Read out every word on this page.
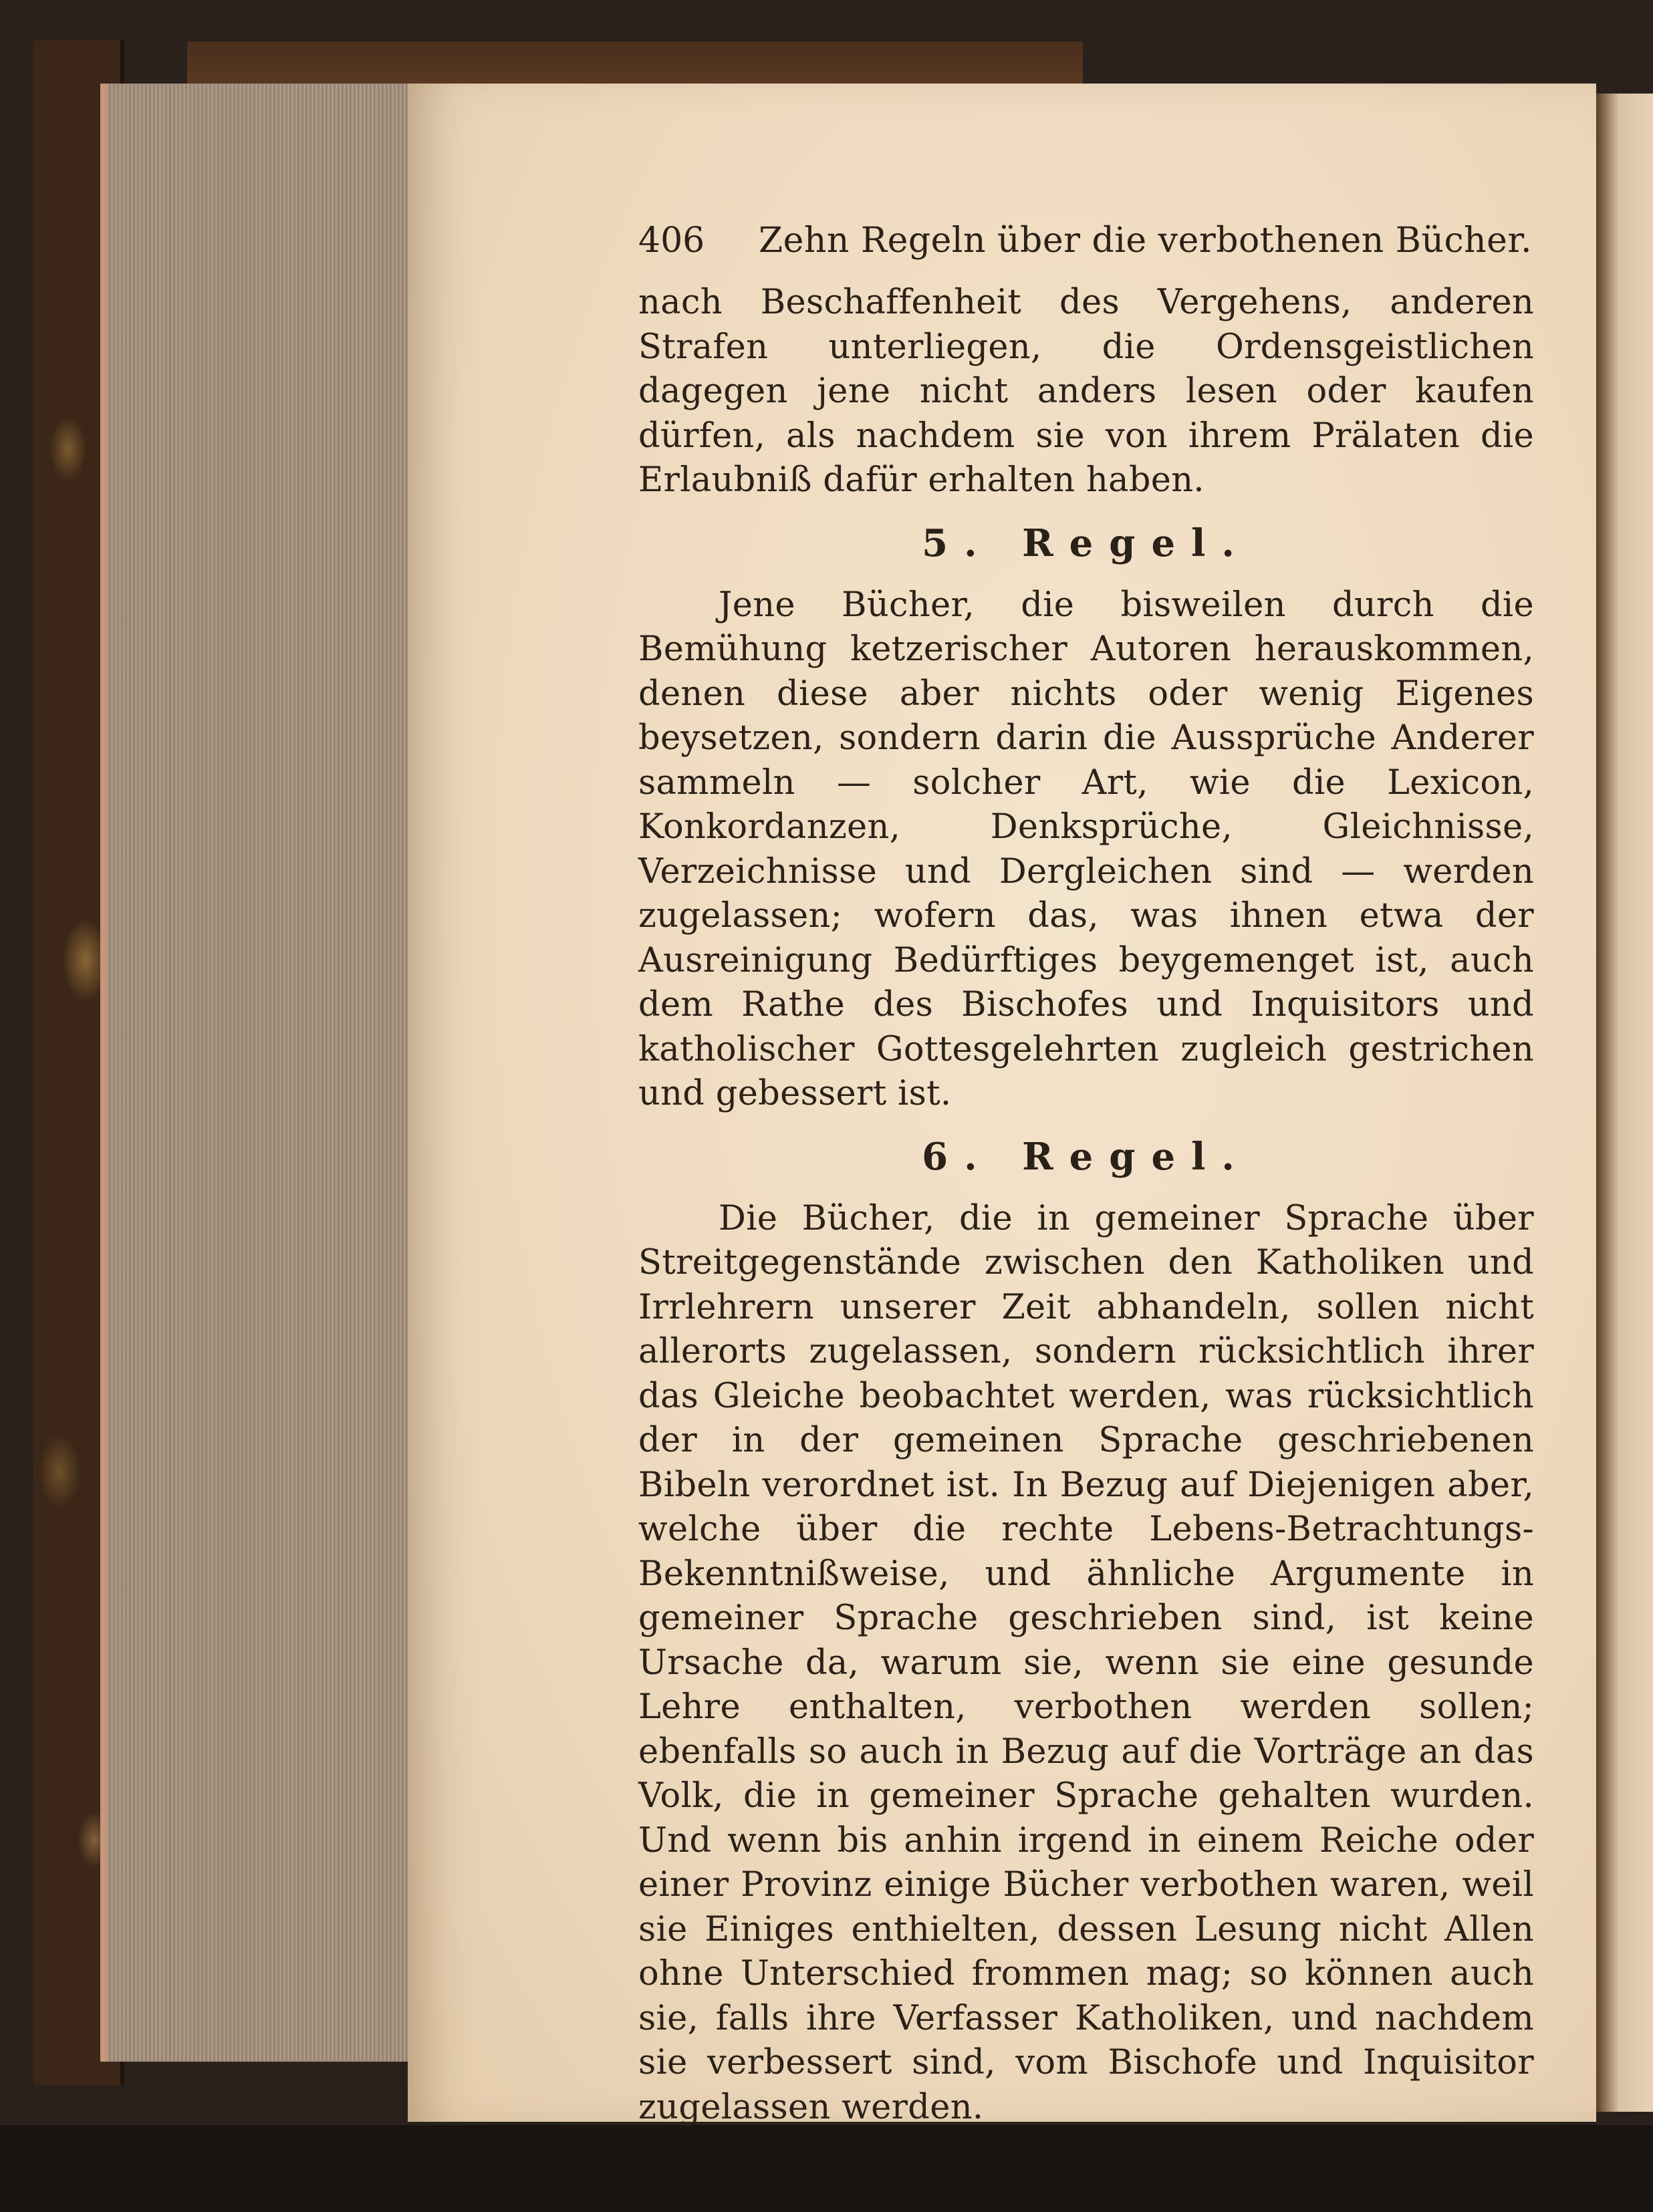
406 Zehn Regeln über die verbothenen Bücher.

nach Beschaffenheit des Vergehens, anderen Strafen unterliegen, die Ordensgeistlichen dagegen jene nicht anders lesen oder kaufen dürfen, als nachdem sie von ihrem Prälaten die Erlaubniß dafür erhalten haben.

5. Regel.

Jene Bücher, die bisweilen durch die Bemühung ketzerischer Autoren herauskommen, denen diese aber nichts oder wenig Eigenes beysetzen, sondern darin die Aussprüche Anderer sammeln — solcher Art, wie die Lexicon, Konkordanzen, Denksprüche, Gleichnisse, Verzeichnisse und Dergleichen sind — werden zugelassen; wofern das, was ihnen etwa der Ausreinigung Bedürftiges beygemenget ist, auch dem Rathe des Bischofes und Inquisitors und katholischer Gottesgelehrten zugleich gestrichen und gebessert ist.

6. Regel.

Die Bücher, die in gemeiner Sprache über Streitgegenstände zwischen den Katholiken und Irrlehrern unserer Zeit abhandeln, sollen nicht allerorts zugelassen, sondern rücksichtlich ihrer das Gleiche beobachtet werden, was rücksichtlich der in der gemeinen Sprache geschriebenen Bibeln verordnet ist. In Bezug auf Diejenigen aber, welche über die rechte Lebens-Betrachtungs-Bekenntnißweise, und ähnliche Argumente in gemeiner Sprache geschrieben sind, ist keine Ursache da, warum sie, wenn sie eine gesunde Lehre enthalten, verbothen werden sollen; ebenfalls so auch in Bezug auf die Vorträge an das Volk, die in gemeiner Sprache gehalten wurden. Und wenn bis anhin irgend in einem Reiche oder einer Provinz einige Bücher verbothen waren, weil sie Einiges enthielten, dessen Lesung nicht Allen ohne Unterschied frommen mag; so können auch sie, falls ihre Verfasser Katholiken, und nachdem sie verbessert sind, vom Bischofe und Inquisitor zugelassen werden.
